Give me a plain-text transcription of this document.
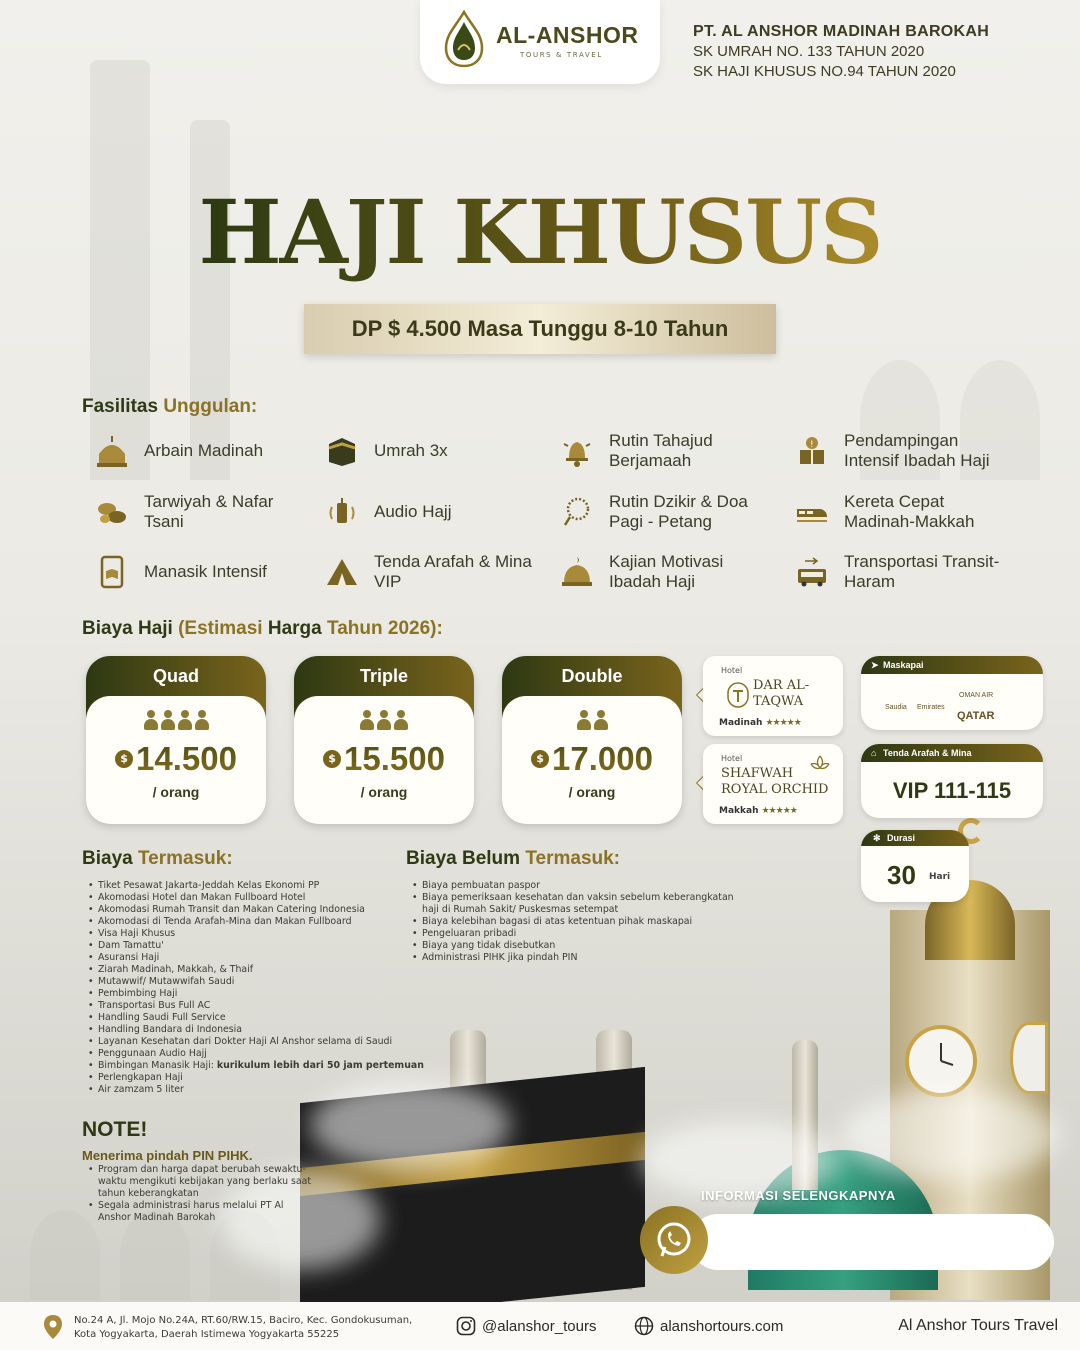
AL-ANSHOR
TOURS & TRAVEL
PT. AL ANSHOR MADINAH BAROKAH
SK UMRAH NO. 133 TAHUN 2020
SK HAJI KHUSUS NO.94 TAHUN 2020
HAJI KHUSUS
DP $ 4.500 Masa Tunggu 8-10 Tahun
Fasilitas Unggulan:
Arbain Madinah	Umrah 3x
Rutin Tahajud Berjamaah
! Pendampingan Intensif Ibadah Haji
Tarwiyah & Nafar Tsani
Audio Hajj
Rutin Dzikir & Doa Pagi - Petang
Kereta Cepat Madinah-Makkah
Manasik Intensif
Tenda Arafah & Mina VIP
Kajian Motivasi Ibadah Haji
Transportasi Transit-Haram
Biaya Haji (Estimasi Harga Tahun 2026):
Quad
$ 14.500
/ orang
Triple
$ 15.500
/ orang
Double
$ 17.000
/ orang
Hotel
DAR AL-TAQWA
Madinah ★★★★★
Hotel
SHAFWAH ROYAL ORCHID
Makkah ★★★★★
➤ Maskapai
Saudia Emirates
OMAN AIR
QATAR
⌂ Tenda Arafah & Mina
VIP 111-115
✻ Durasi
30 Hari
Biaya Termasuk:
• Tiket Pesawat Jakarta-Jeddah Kelas Ekonomi PP
• Akomodasi Hotel dan Makan Fullboard Hotel
• Akomodasi Rumah Transit dan Makan Catering Indonesia
• Akomodasi di Tenda Arafah-Mina dan Makan Fullboard
• Visa Haji Khusus
• Dam Tamattu'
• Asuransi Haji
• Ziarah Madinah, Makkah, & Thaif
• Mutawwif/ Mutawwifah Saudi
• Pembimbing Haji
• Transportasi Bus Full AC
• Handling Saudi Full Service
• Handling Bandara di Indonesia
• Layanan Kesehatan dari Dokter Haji Al Anshor selama di Saudi
• Penggunaan Audio Hajj
• Bimbingan Manasik Haji: kurikulum lebih dari 50 jam pertemuan
• Perlengkapan Haji
• Air zamzam 5 liter
Biaya Belum Termasuk:
• Biaya pembuatan paspor
• Biaya pemeriksaan kesehatan dan vaksin sebelum keberangkatan haji di Rumah Sakit/ Puskesmas setempat
• Biaya kelebihan bagasi di atas ketentuan pihak maskapai
• Pengeluaran pribadi
• Biaya yang tidak disebutkan
• Administrasi PIHK jika pindah PIN
NOTE!
Menerima pindah PIN PIHK.
• Program dan harga dapat berubah sewaktu-waktu mengikuti kebijakan yang berlaku saat tahun keberangkatan
• Segala administrasi harus melalui PT Al Anshor Madinah Barokah
INFORMASI SELENGKAPNYA
No.24 A, Jl. Mojo No.24A, RT.60/RW.15, Baciro, Kec. Gondokusuman, Kota Yogyakarta, Daerah Istimewa Yogyakarta 55225	@alanshor_tours	alanshortours.com	Al Anshor Tours Travel
